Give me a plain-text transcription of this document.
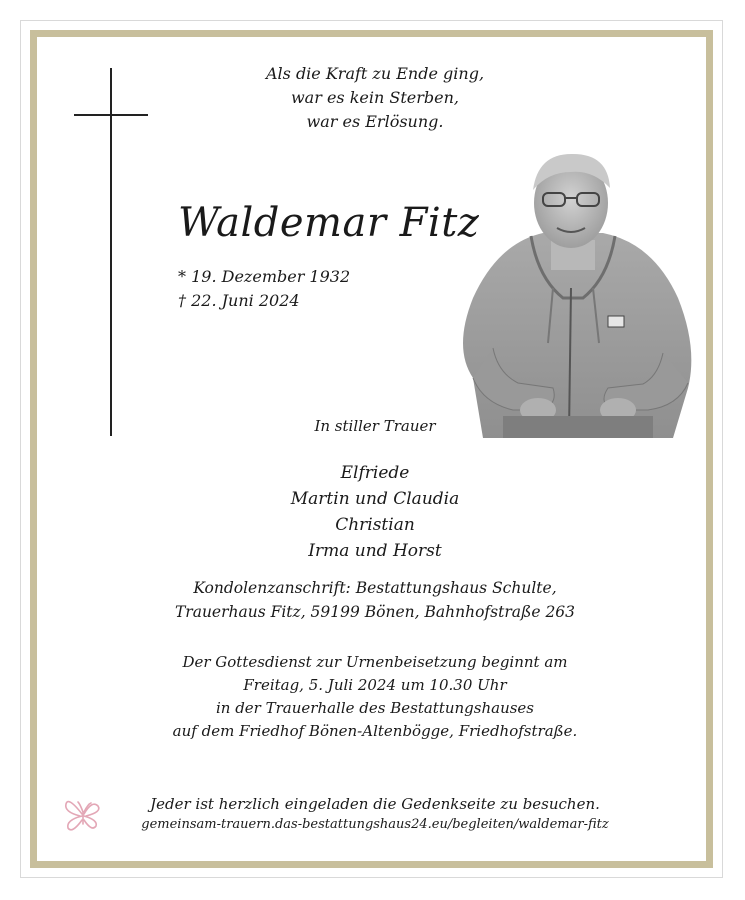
Als die Kraft zu Ende ging,
war es kein Sterben,
war es Erlösung.
Waldemar Fitz
* 19. Dezember 1932
† 22. Juni 2024
In stiller Trauer
Elfriede
Martin und Claudia
Christian
Irma und Horst
Kondolenzanschrift: Bestattungshaus Schulte,
Trauerhaus Fitz, 59199 Bönen, Bahnhofstraße 263
Der Gottesdienst zur Urnenbeisetzung beginnt am
Freitag, 5. Juli 2024 um 10.30 Uhr
in der Trauerhalle des Bestattungshauses
auf dem Friedhof Bönen-Altenbögge, Friedhofstraße.
Jeder ist herzlich eingeladen die Gedenkseite zu besuchen.
gemeinsam-trauern.das-bestattungshaus24.eu/begleiten/waldemar-fitz
